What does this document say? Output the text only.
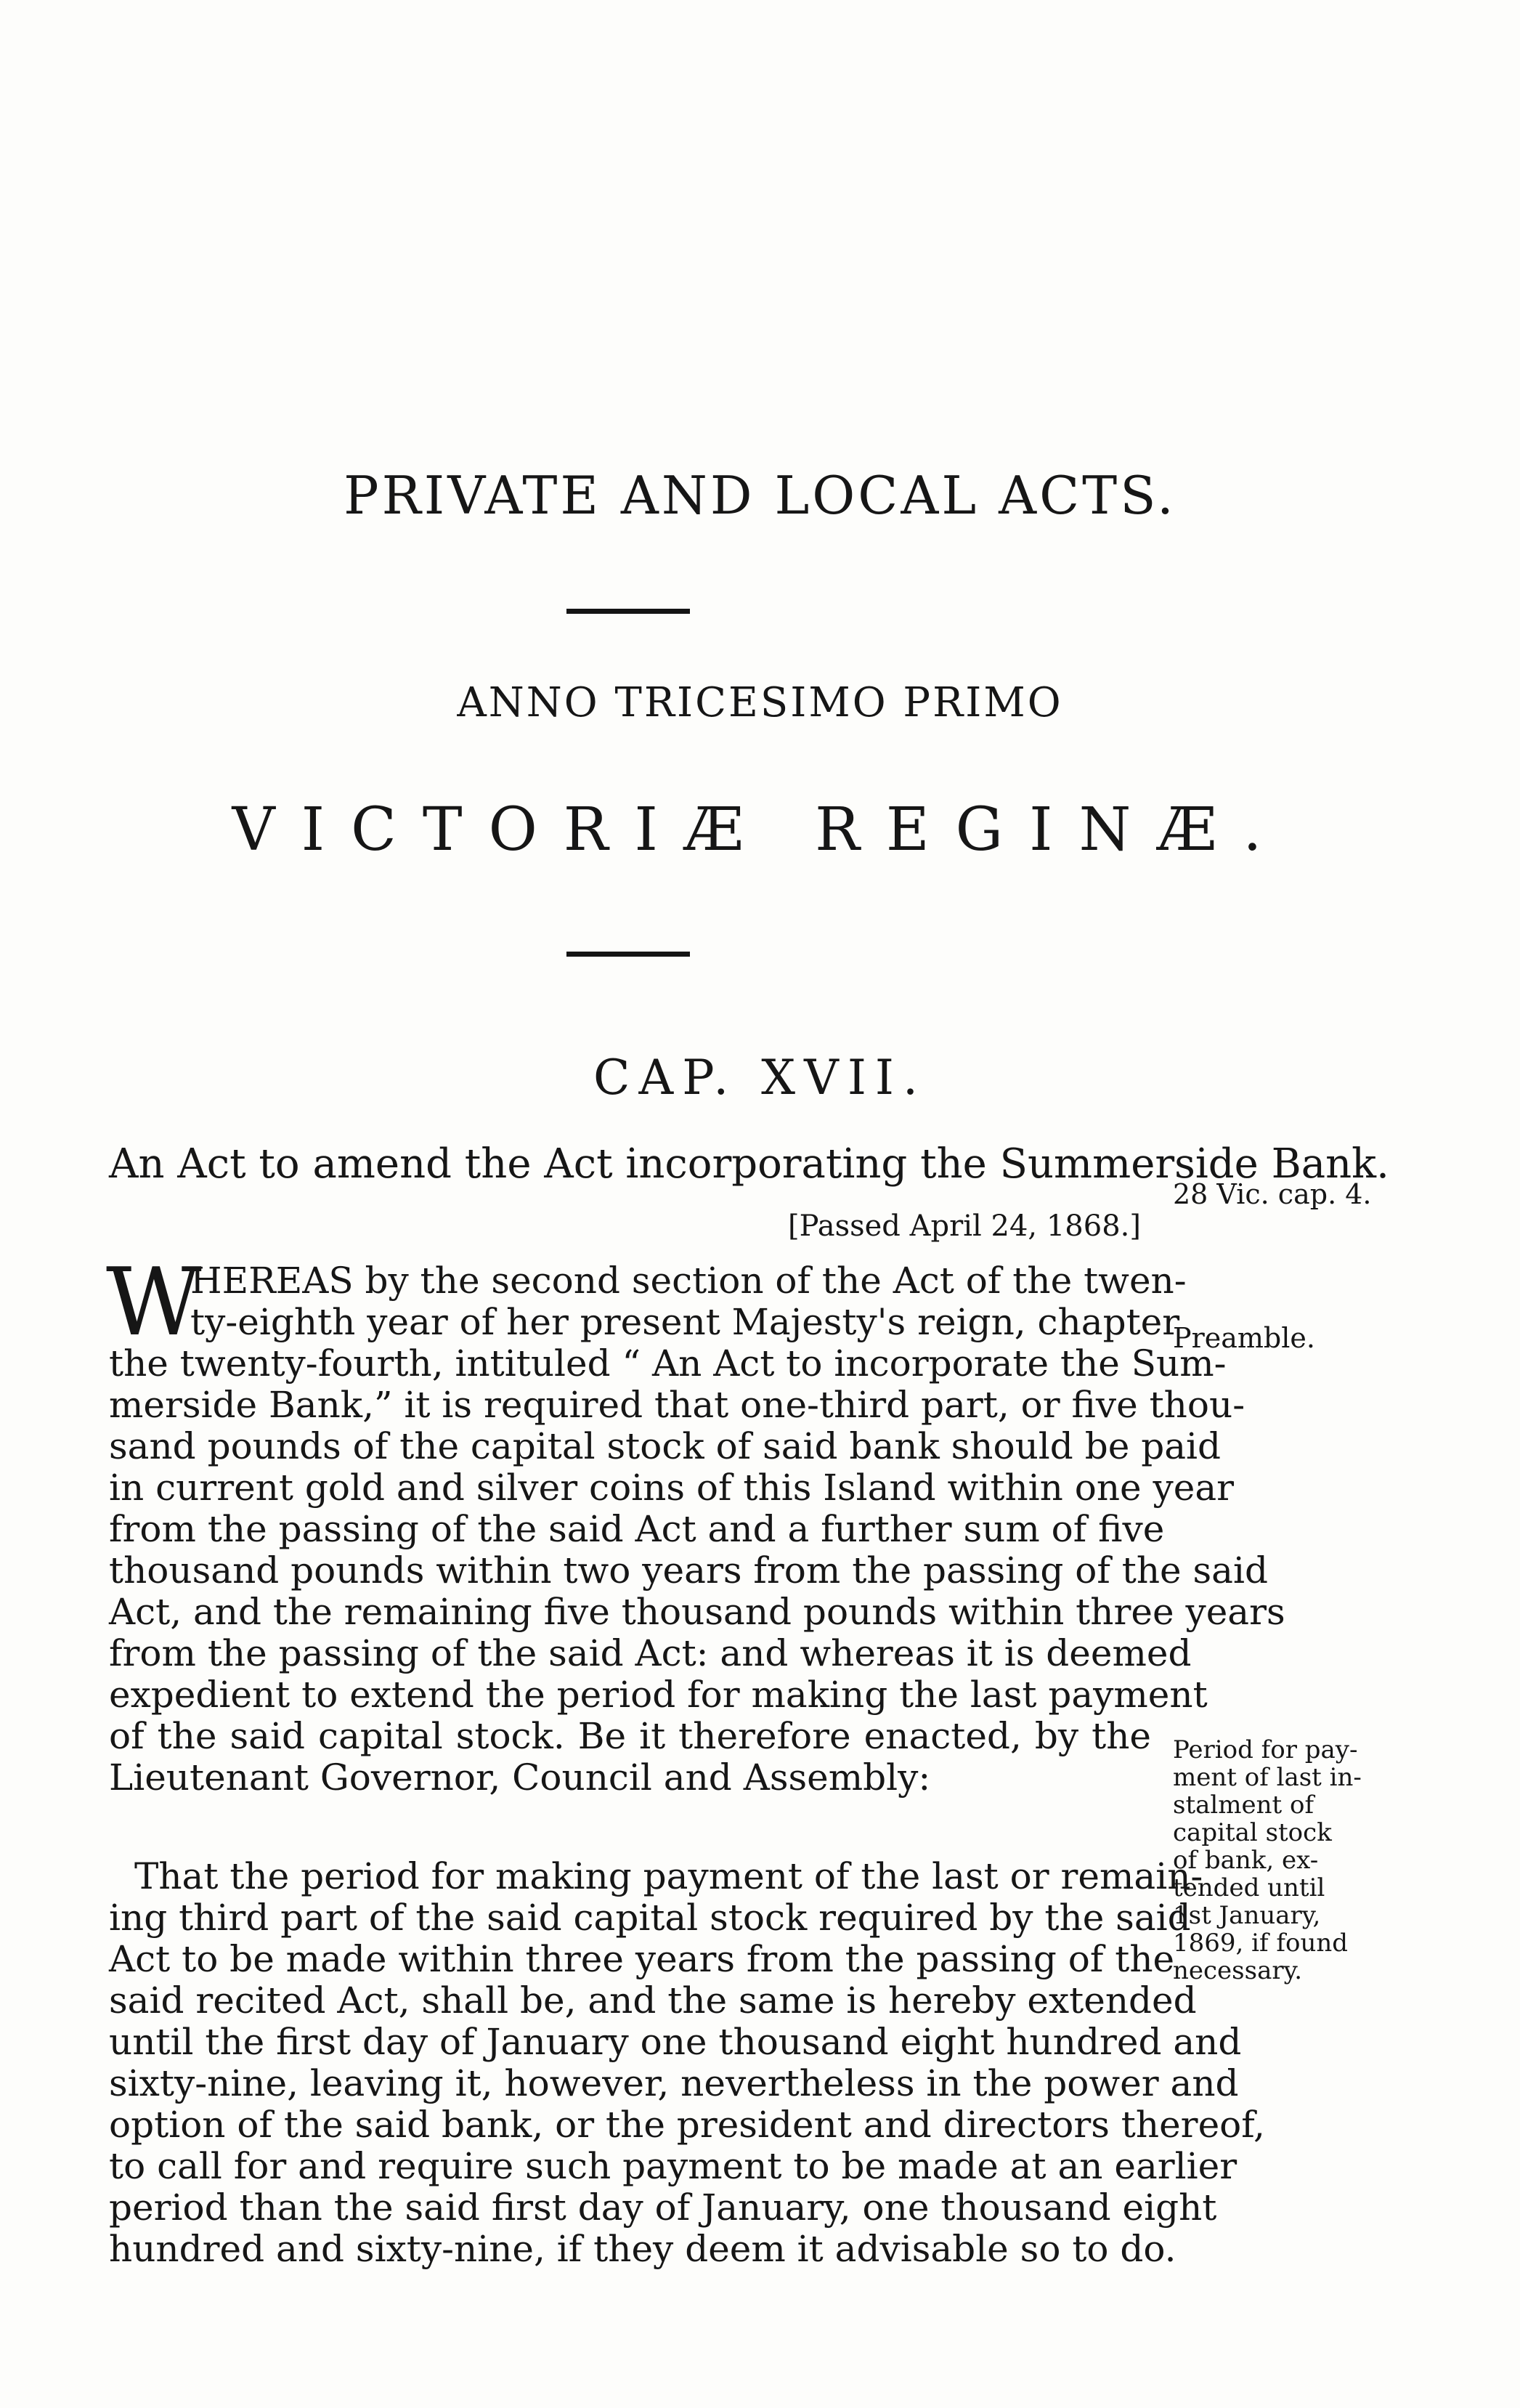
PRIVATE AND LOCAL ACTS.
ANNO TRICESIMO PRIMO
VICTORIÆ REGINÆ.
CAP. XVII.
An Act to amend the Act incorporating the Summerside Bank.
[Passed April 24, 1868.]
28 Vic. cap. 4.
Preamble.
Period for pay-
ment of last in-
stalment of
capital stock
of bank, ex-
tended until
1st January,
1869, if found
necessary.
W
HEREAS by the second section of the Act of the twen-
ty-eighth year of her present Majesty's reign, chapter
the twenty-fourth, intituled “ An Act to incorporate the Sum-
merside Bank,” it is required that one-third part, or five thou-
sand pounds of the capital stock of said bank should be paid
in current gold and silver coins of this Island within one year
from the passing of the said Act and a further sum of five
thousand pounds within two years from the passing of the said
Act, and the remaining five thousand pounds within three years
from the passing of the said Act: and whereas it is deemed
expedient to extend the period for making the last payment
of the said capital stock. Be it therefore enacted, by the
Lieutenant Governor, Council and Assembly:
That the period for making payment of the last or remain-
ing third part of the said capital stock required by the said
Act to be made within three years from the passing of the
said recited Act, shall be, and the same is hereby extended
until the first day of January one thousand eight hundred and
sixty-nine, leaving it, however, nevertheless in the power and
option of the said bank, or the president and directors thereof,
to call for and require such payment to be made at an earlier
period than the said first day of January, one thousand eight
hundred and sixty-nine, if they deem it advisable so to do.
